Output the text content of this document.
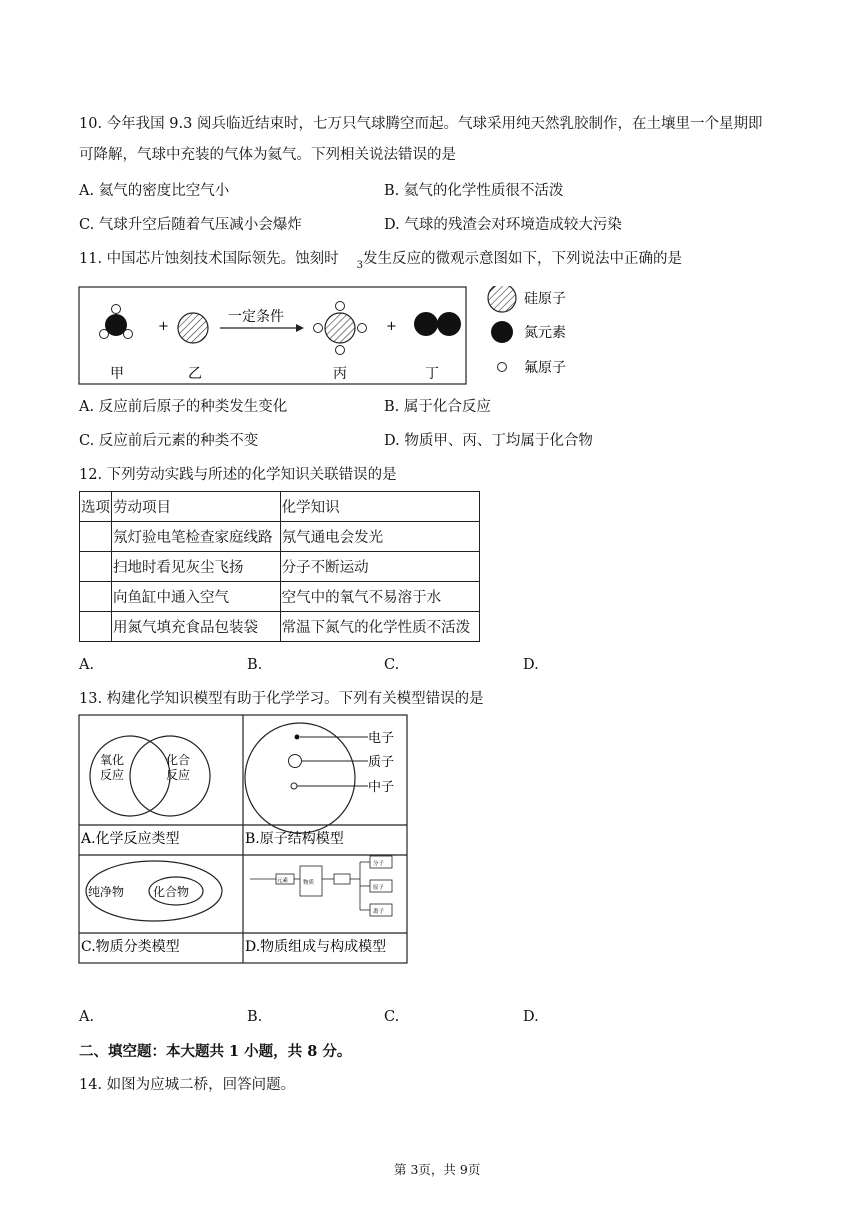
10. 今年我国 9.3 阅兵临近结束时，七万只气球腾空而起。气球采用纯天然乳胶制作，在土壤里一个星期即
可降解，气球中充装的气体为氦气。下列相关说法错误的是
A. 氦气的密度比空气小	B. 氦气的化学性质很不活泼
C. 气球升空后随着气压减小会爆炸	D. 气球的残渣会对环境造成较大污染
11. 中国芯片蚀刻技术国际领先。蚀刻时 $_3$发生反应的微观示意图如下，下列说法中正确的是
+
一定条件
+
甲	乙	丙	丁
硅原子
氮元素
氟原子
A. 反应前后原子的种类发生变化	B. 属于化合反应
C. 反应前后元素的种类不变	D. 物质甲、丙、丁均属于化合物
12. 下列劳动实践与所述的化学知识关联错误的是
选项	劳动项目	化学知识
	氖灯验电笔检查家庭线路	氖气通电会发光
	扫地时看见灰尘飞扬	分子不断运动
	向鱼缸中通入空气	空气中的氧气不易溶于水
	用氮气填充食品包装袋	常温下氮气的化学性质不活泼
A.	B.	C.	D.
13. 构建化学知识模型有助于化学学习。下列有关模型错误的是
氧化反应
化合反应
电子
质子
中子
A.化学反应类型	B.原子结构模型
纯净物 化合物
元素	物质
分子
原子
离子
C.物质分类模型	D.物质组成与构成模型
A.	B.	C.	D.
二、填空题：本大题共 1 小题，共 8 分。
14. 如图为应城二桥，回答问题。
第 3页，共 9页
